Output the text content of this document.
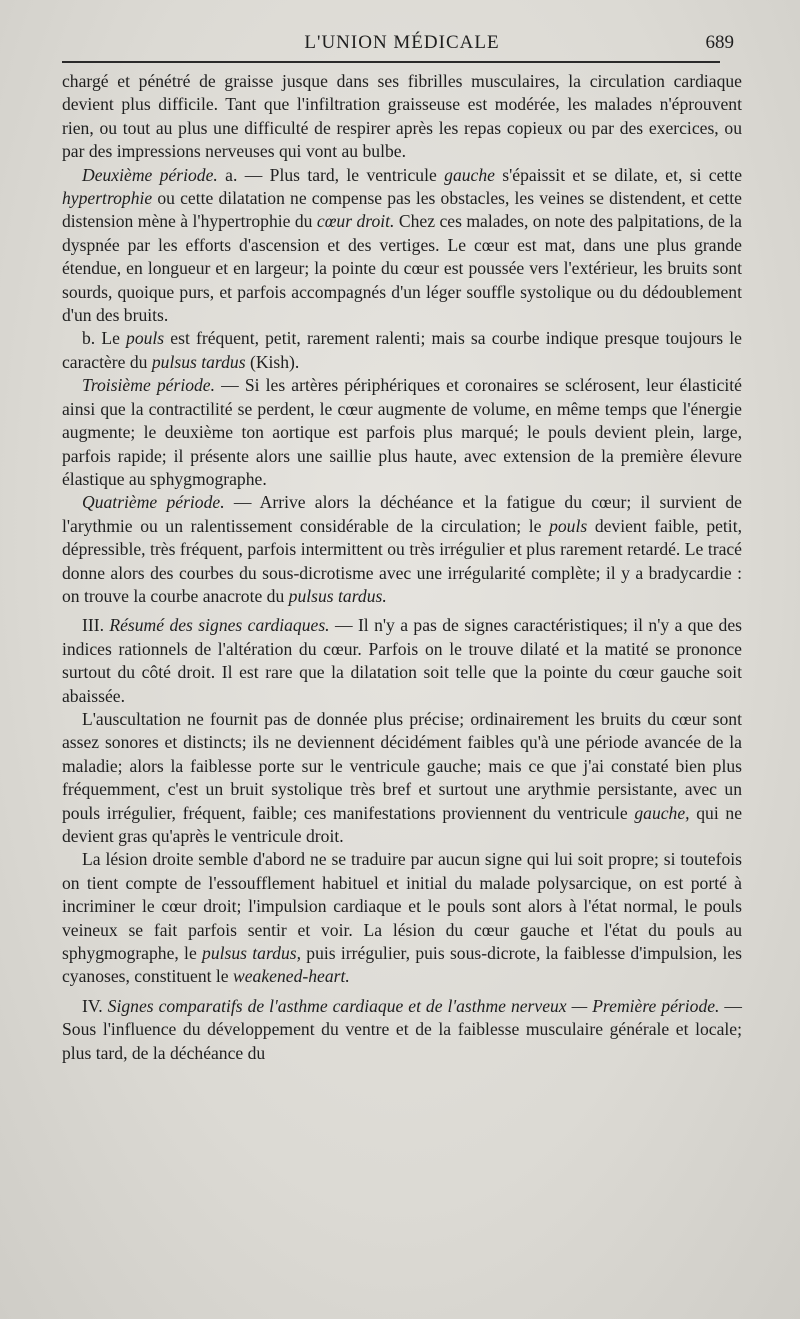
L'UNION MÉDICALE	689

chargé et pénétré de graisse jusque dans ses fibrilles musculaires, la circulation cardiaque devient plus difficile. Tant que l'infiltration graisseuse est modérée, les malades n'éprouvent rien, ou tout au plus une difficulté de respirer après les repas copieux ou par des exercices, ou par des impressions nerveuses qui vont au bulbe.

Deuxième période. a. — Plus tard, le ventricule gauche s'épaissit et se dilate, et, si cette hypertrophie ou cette dilatation ne compense pas les obstacles, les veines se distendent, et cette distension mène à l'hypertrophie du cœur droit. Chez ces malades, on note des palpitations, de la dyspnée par les efforts d'ascension et des vertiges. Le cœur est mat, dans une plus grande étendue, en longueur et en largeur; la pointe du cœur est poussée vers l'extérieur, les bruits sont sourds, quoique purs, et parfois accompagnés d'un léger souffle systolique ou du dédoublement d'un des bruits.

b. Le pouls est fréquent, petit, rarement ralenti; mais sa courbe indique presque toujours le caractère du pulsus tardus (Kish).

Troisième période. — Si les artères périphériques et coronaires se sclérosent, leur élasticité ainsi que la contractilité se perdent, le cœur augmente de volume, en même temps que l'énergie augmente; le deuxième ton aortique est parfois plus marqué; le pouls devient plein, large, parfois rapide; il présente alors une saillie plus haute, avec extension de la première élevure élastique au sphygmographe.

Quatrième période. — Arrive alors la déchéance et la fatigue du cœur; il survient de l'arythmie ou un ralentissement considérable de la circulation; le pouls devient faible, petit, dépressible, très fréquent, parfois intermittent ou très irrégulier et plus rarement retardé. Le tracé donne alors des courbes du sous-dicrotisme avec une irrégularité complète; il y a bradycardie : on trouve la courbe anacrote du pulsus tardus.

III. Résumé des signes cardiaques. — Il n'y a pas de signes caractéristiques; il n'y a que des indices rationnels de l'altération du cœur. Parfois on le trouve dilaté et la matité se prononce surtout du côté droit. Il est rare que la dilatation soit telle que la pointe du cœur gauche soit abaissée.

L'auscultation ne fournit pas de donnée plus précise; ordinairement les bruits du cœur sont assez sonores et distincts; ils ne deviennent décidément faibles qu'à une période avancée de la maladie; alors la faiblesse porte sur le ventricule gauche; mais ce que j'ai constaté bien plus fréquemment, c'est un bruit systolique très bref et surtout une arythmie persistante, avec un pouls irrégulier, fréquent, faible; ces manifestations proviennent du ventricule gauche, qui ne devient gras qu'après le ventricule droit.

La lésion droite semble d'abord ne se traduire par aucun signe qui lui soit propre; si toutefois on tient compte de l'essoufflement habituel et initial du malade polysarcique, on est porté à incriminer le cœur droit; l'impulsion cardiaque et le pouls sont alors à l'état normal, le pouls veineux se fait parfois sentir et voir. La lésion du cœur gauche et l'état du pouls au sphygmographe, le pulsus tardus, puis irrégulier, puis sous-dicrote, la faiblesse d'impulsion, les cyanoses, constituent le weakened-heart.

IV. Signes comparatifs de l'asthme cardiaque et de l'asthme nerveux — Première période. — Sous l'influence du développement du ventre et de la faiblesse musculaire générale et locale; plus tard, de la déchéance du
